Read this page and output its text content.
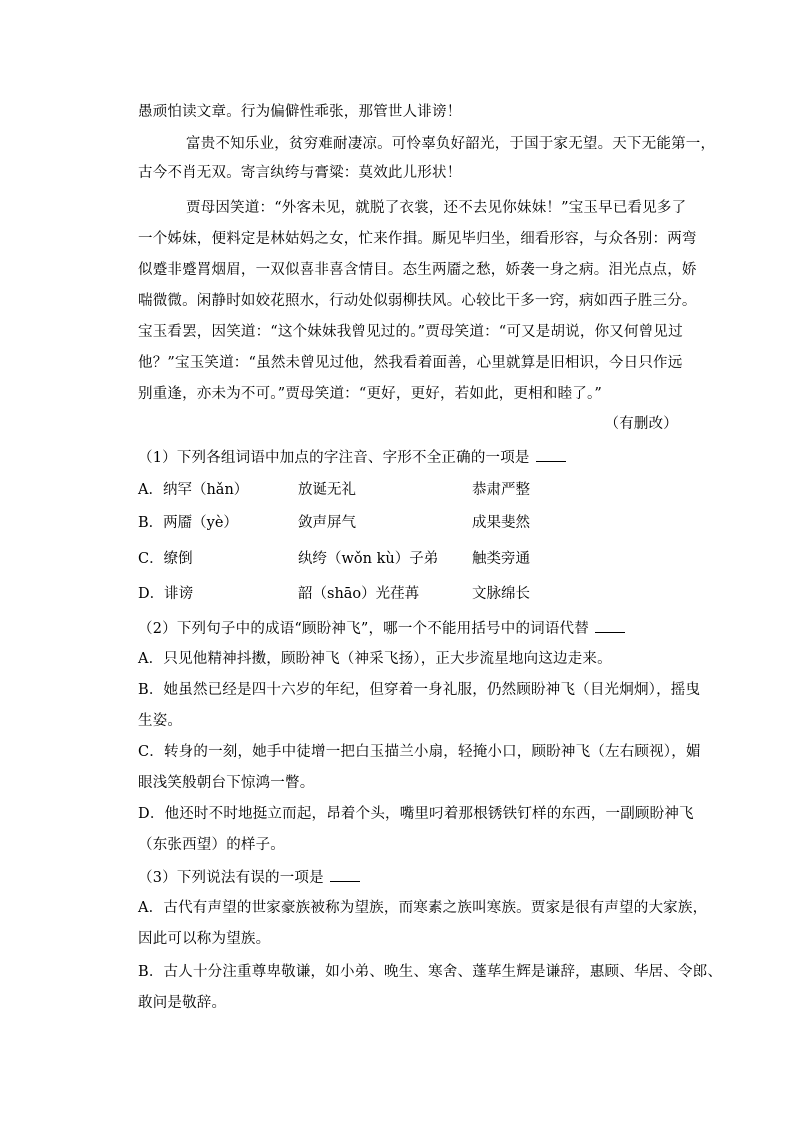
愚顽怕读文章。行为偏僻性乖张，那管世人诽谤！
富贵不知乐业，贫穷难耐凄凉。可怜辜负好韶光，于国于家无望。天下无能第一，
古今不肖无双。寄言纨绔与膏粱：莫效此儿形状！
贾母因笑道：“外客未见，就脱了衣裳，还不去见你妹妹！”宝玉早已看见多了
一个姊妹，便料定是林姑妈之女，忙来作揖。厮见毕归坐，细看形容，与众各别：两弯
似蹙非蹙罥烟眉，一双似喜非喜含情目。态生两靥之愁，娇袭一身之病。泪光点点，娇
喘微微。闲静时如姣花照水，行动处似弱柳扶风。心较比干多一窍，病如西子胜三分。
宝玉看罢，因笑道：“这个妹妹我曾见过的。”贾母笑道：“可又是胡说，你又何曾见过
他？”宝玉笑道：“虽然未曾见过他，然我看着面善，心里就算是旧相识，今日只作远
别重逢，亦未为不可。”贾母笑道：“更好，更好，若如此，更相和睦了。”
（有删改）
（1）下列各组词语中加点的字注音、字形不全正确的一项是
A．纳罕（hǎn）	放诞无礼	恭肃严整
B．两靥（yè）	敛声屏气	成果斐然
C．缭倒	纨绔（wǒn kù）子弟 触类旁通
D．诽谤	韶（shāo）光荏苒	文脉绵长
（2）下列句子中的成语“顾盼神飞”，哪一个不能用括号中的词语代替
A．只见他精神抖擞，顾盼神飞（神采飞扬），正大步流星地向这边走来。
B．她虽然已经是四十六岁的年纪，但穿着一身礼服，仍然顾盼神飞（目光炯炯），摇曳
生姿。
C．转身的一刻，她手中徒增一把白玉描兰小扇，轻掩小口，顾盼神飞（左右顾视），媚
眼浅笑般朝台下惊鸿一瞥。
D．他还时不时地挺立而起，昂着个头，嘴里叼着那根锈铁钉样的东西，一副顾盼神飞
（东张西望）的样子。
（3）下列说法有误的一项是
A．古代有声望的世家豪族被称为望族，而寒素之族叫寒族。贾家是很有声望的大家族，
因此可以称为望族。
B．古人十分注重尊卑敬谦，如小弟、晚生、寒舍、蓬荜生辉是谦辞，惠顾、华居、令郎、
敢问是敬辞。
